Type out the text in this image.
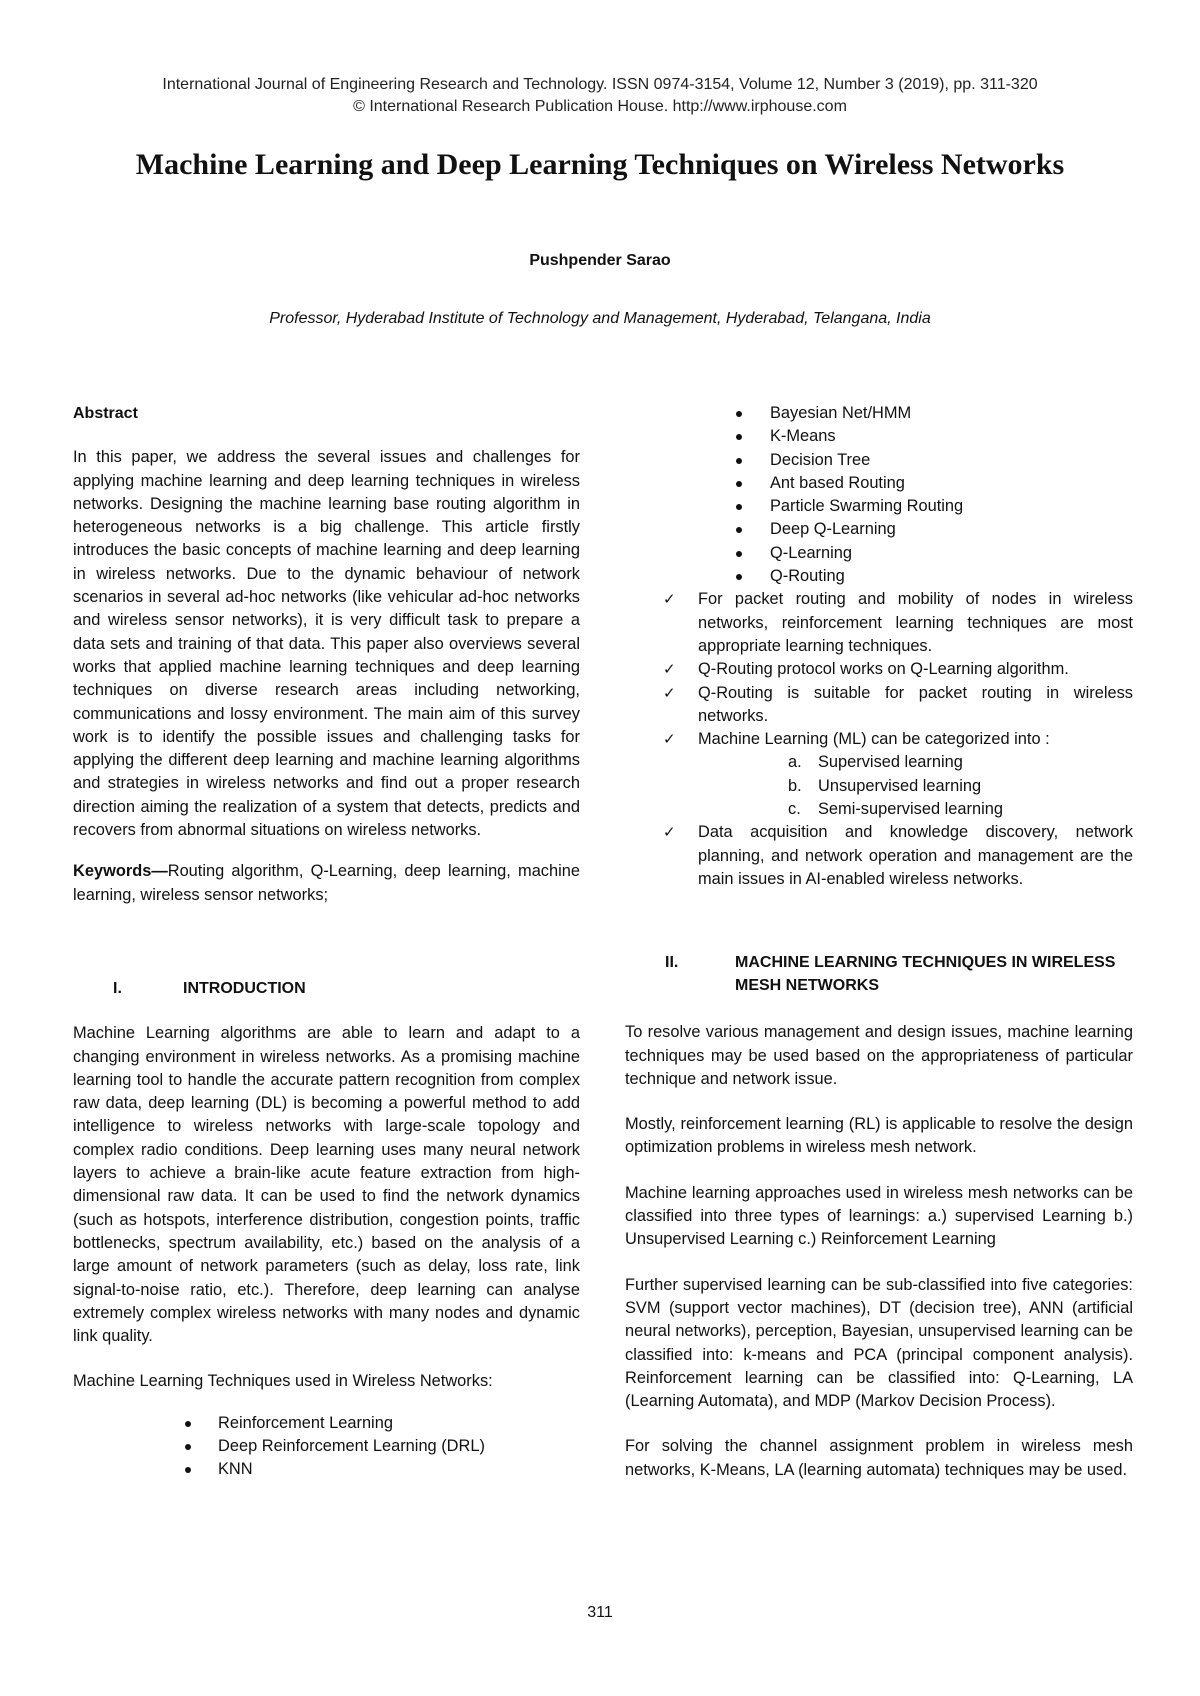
International Journal of Engineering Research and Technology. ISSN 0974-3154, Volume 12, Number 3 (2019), pp. 311-320
© International Research Publication House. http://www.irphouse.com
Machine Learning and Deep Learning Techniques on Wireless Networks
Pushpender Sarao
Professor, Hyderabad Institute of Technology and Management, Hyderabad, Telangana, India
Abstract

In this paper, we address the several issues and challenges for applying machine learning and deep learning techniques in wireless networks. Designing the machine learning base routing algorithm in heterogeneous networks is a big challenge. This article firstly introduces the basic concepts of machine learning and deep learning in wireless networks. Due to the dynamic behaviour of network scenarios in several ad-hoc networks (like vehicular ad-hoc networks and wireless sensor networks), it is very difficult task to prepare a data sets and training of that data. This paper also overviews several works that applied machine learning techniques and deep learning techniques on diverse research areas including networking, communications and lossy environment. The main aim of this survey work is to identify the possible issues and challenging tasks for applying the different deep learning and machine learning algorithms and strategies in wireless networks and find out a proper research direction aiming the realization of a system that detects, predicts and recovers from abnormal situations on wireless networks.

Keywords—Routing algorithm, Q-Learning, deep learning, machine learning, wireless sensor networks;

I.	INTRODUCTION

Machine Learning algorithms are able to learn and adapt to a changing environment in wireless networks. As a promising machine learning tool to handle the accurate pattern recognition from complex raw data, deep learning (DL) is becoming a powerful method to add intelligence to wireless networks with large-scale topology and complex radio conditions. Deep learning uses many neural network layers to achieve a brain-like acute feature extraction from high-dimensional raw data. It can be used to find the network dynamics (such as hotspots, interference distribution, congestion points, traffic bottlenecks, spectrum availability, etc.) based on the analysis of a large amount of network parameters (such as delay, loss rate, link signal-to-noise ratio, etc.). Therefore, deep learning can analyse extremely complex wireless networks with many nodes and dynamic link quality.

Machine Learning Techniques used in Wireless Networks:

Reinforcement Learning
Deep Reinforcement Learning (DRL)
KNN
Bayesian Net/HMM
K-Means
Decision Tree
Ant based Routing
Particle Swarming Routing
Deep Q-Learning
Q-Learning
Q-Routing
✓ For packet routing and mobility of nodes in wireless networks, reinforcement learning techniques are most appropriate learning techniques.

✓ Q-Routing protocol works on Q-Learning algorithm.

✓ Q-Routing is suitable for packet routing in wireless networks.

✓ Machine Learning (ML) can be categorized into :

a. Supervised learning
b. Unsupervised learning
c. Semi-supervised learning
✓ Data acquisition and knowledge discovery, network planning, and network operation and management are the main issues in AI-enabled wireless networks.

II.	MACHINE LEARNING TECHNIQUES IN WIRELESS MESH NETWORKS

To resolve various management and design issues, machine learning techniques may be used based on the appropriateness of particular technique and network issue.

Mostly, reinforcement learning (RL) is applicable to resolve the design optimization problems in wireless mesh network.

Machine learning approaches used in wireless mesh networks can be classified into three types of learnings: a.) supervised Learning b.) Unsupervised Learning c.) Reinforcement Learning

Further supervised learning can be sub-classified into five categories: SVM (support vector machines), DT (decision tree), ANN (artificial neural networks), perception, Bayesian, unsupervised learning can be classified into: k-means and PCA (principal component analysis). Reinforcement learning can be classified into: Q-Learning, LA (Learning Automata), and MDP (Markov Decision Process).

For solving the channel assignment problem in wireless mesh networks, K-Means, LA (learning automata) techniques may be used.

311
